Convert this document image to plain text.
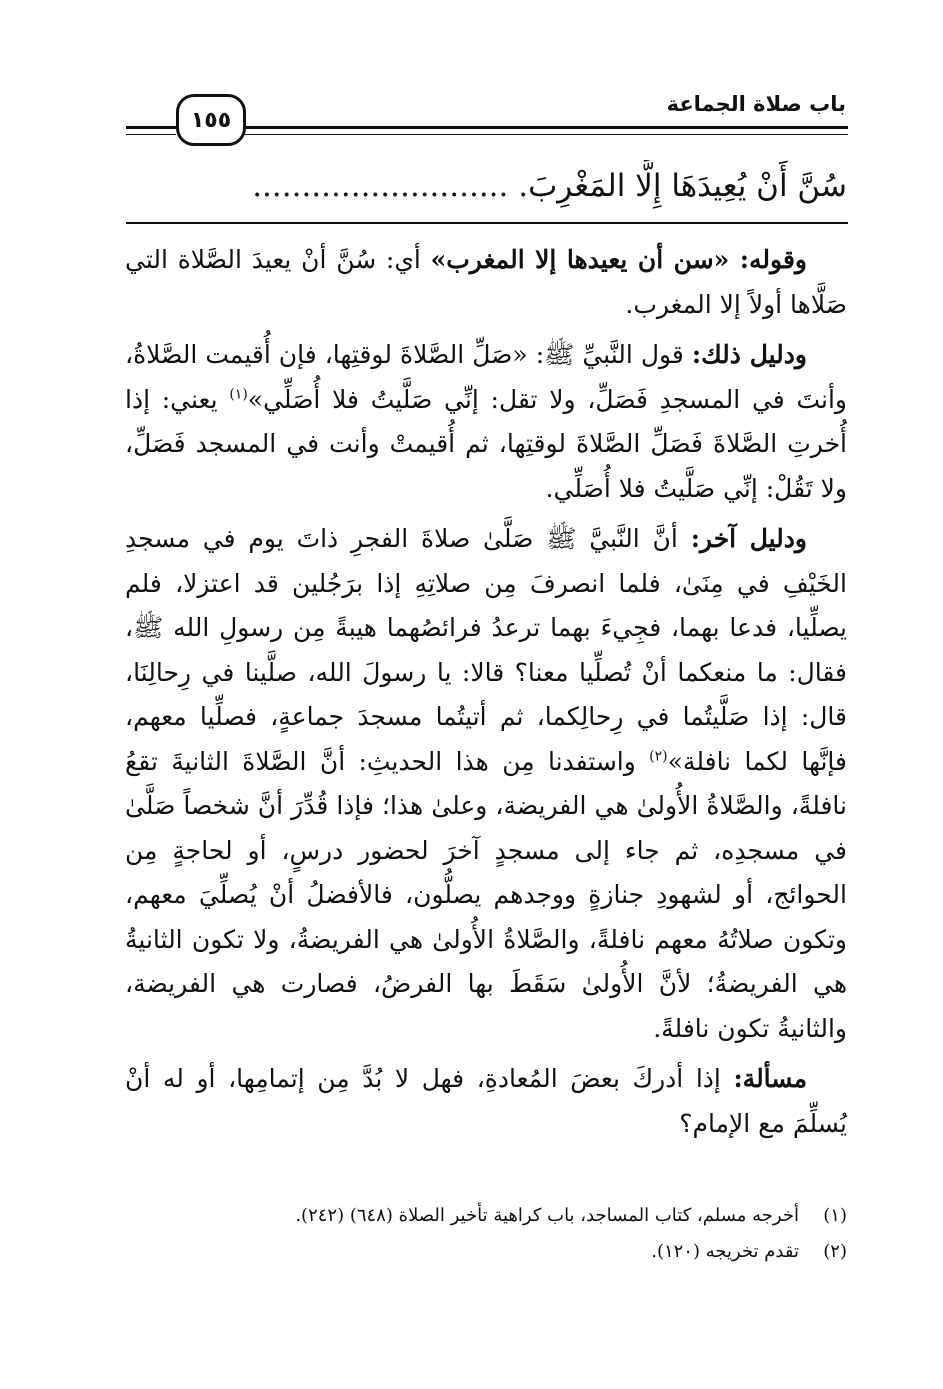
باب صلاة الجماعة
١٥٥
سُنَّ أَنْ يُعِيدَهَا إِلَّا المَغْرِبَ. ..........................

وقوله: «سن أن يعيدها إلا المغرب» أي: سُنَّ أنْ يعيدَ الصَّلاة التي صَلَّاها أولاً إلا المغرب.

ودليل ذلك: قول النَّبيِّ ﷺ: «صَلِّ الصَّلاةَ لوقتِها، فإن أُقيمت الصَّلاةُ، وأنتَ في المسجدِ فَصَلِّ، ولا تقل: إنِّي صَلَّيتُ فلا أُصَلِّي»$^{(١)}$ يعني: إذا أُخرتِ الصَّلاةَ فَصَلِّ الصَّلاةَ لوقتِها، ثم أُقيمتْ وأنت في المسجد فَصَلِّ، ولا تَقُلْ: إنِّي صَلَّيتُ فلا أُصَلِّي.

ودليل آخر: أنَّ النَّبيَّ ﷺ صَلَّىٰ صلاةَ الفجرِ ذاتَ يوم في مسجدِ الخَيْفِ في مِنَىٰ، فلما انصرفَ مِن صلاتِهِ إذا برَجُلين قد اعتزلا، فلم يصلِّيا، فدعا بهما، فجِيءَ بهما ترعدُ فرائصُهما هيبةً مِن رسولِ الله ﷺ، فقال: ما منعكما أنْ تُصلِّيا معنا؟ قالا: يا رسولَ الله، صلَّينا في رِحالِنَا، قال: إذا صَلَّيتُما في رِحالِكما، ثم أتيتُما مسجدَ جماعةٍ، فصلِّيا معهم، فإنَّها لكما نافلة»$^{(٢)}$ واستفدنا مِن هذا الحديثِ: أنَّ الصَّلاةَ الثانيةَ تقعُ نافلةً، والصَّلاةُ الأُولىٰ هي الفريضة، وعلىٰ هذا؛ فإذا قُدِّرَ أنَّ شخصاً صَلَّىٰ في مسجدِه، ثم جاء إلى مسجدٍ آخرَ لحضور درسٍ، أو لحاجةٍ مِن الحوائج، أو لشهودِ جنازةٍ ووجدهم يصلُّون، فالأفضلُ أنْ يُصلِّيَ معهم، وتكون صلاتُهُ معهم نافلةً، والصَّلاةُ الأُولىٰ هي الفريضةُ، ولا تكون الثانيةُ هي الفريضةُ؛ لأنَّ الأُولىٰ سَقَطَ بها الفرضُ، فصارت هي الفريضة، والثانيةُ تكون نافلةً.

مسألة: إذا أدركَ بعضَ المُعادةِ، فهل لا بُدَّ مِن إتمامِها، أو له أنْ يُسلِّمَ مع الإمام؟

(١)
أخرجه مسلم، كتاب المساجد، باب كراهية تأخير الصلاة (٦٤٨) (٢٤٢).
(٢)
تقدم تخريجه (١٢٠).
